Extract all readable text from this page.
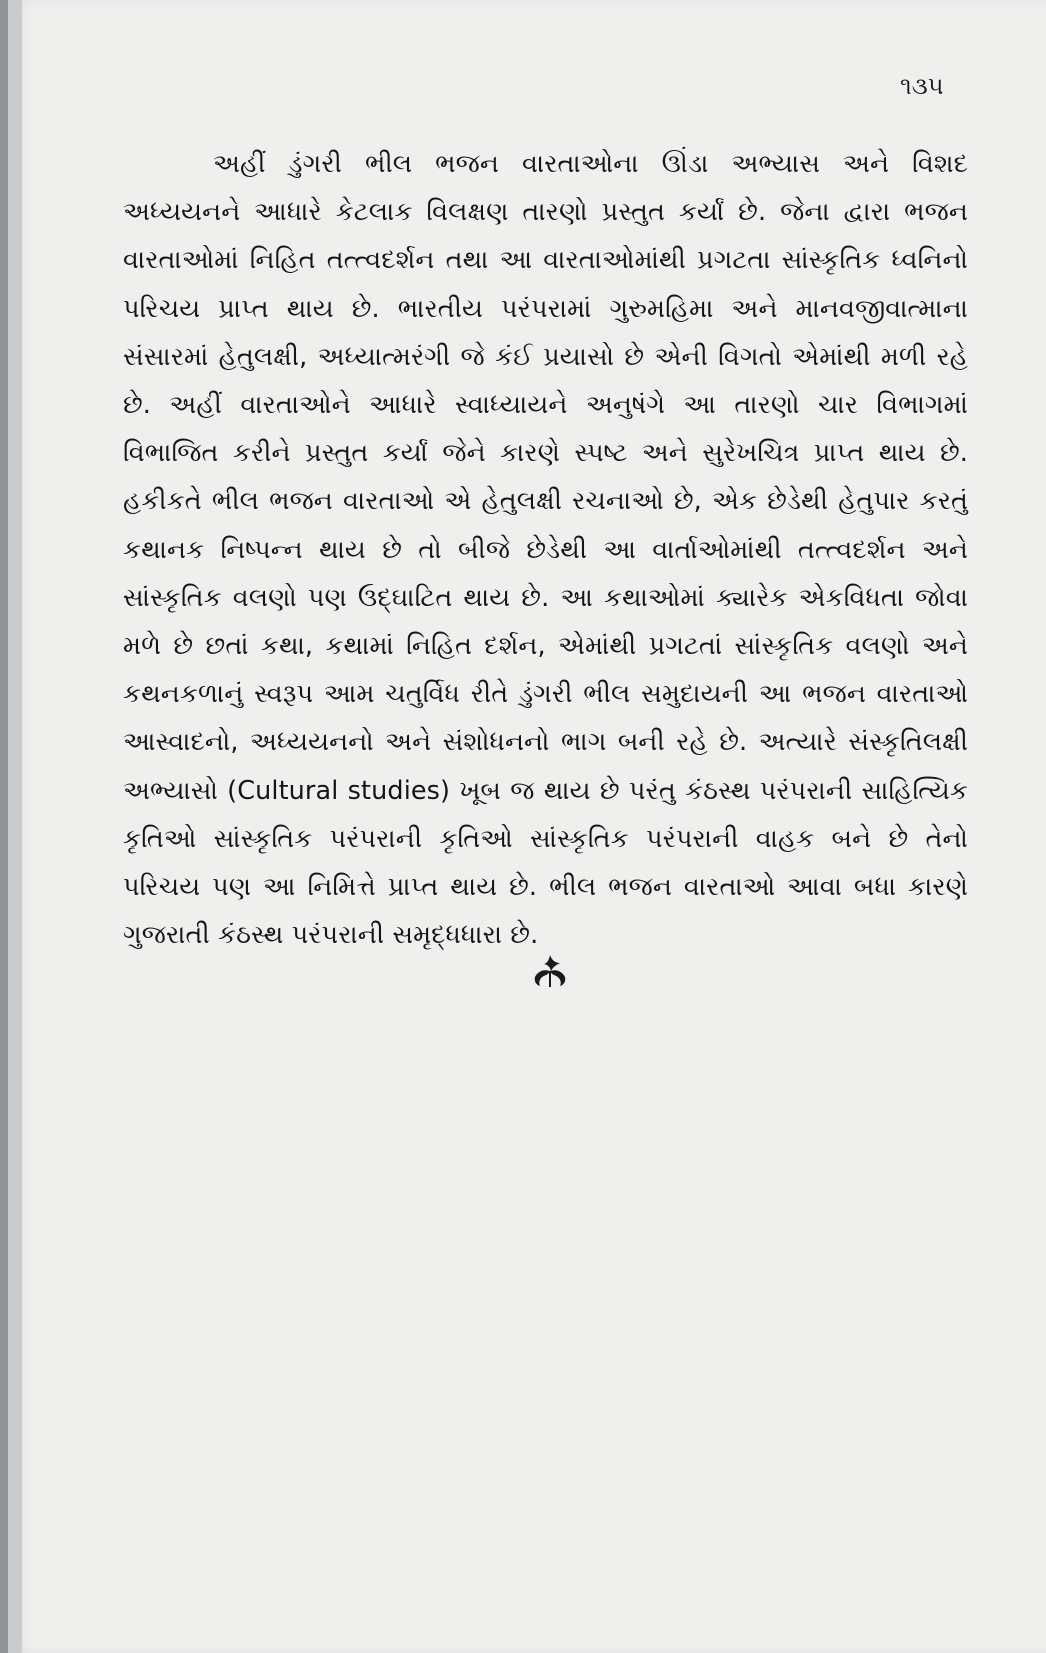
૧૩૫

અહીં ડુંગરી ભીલ ભજન વારતાઓના ઊંડા અભ્યાસ અને વિશદ અધ્યયનને આધારે કેટલાક વિલક્ષણ તારણો પ્રસ્તુત કર્યાં છે. જેના દ્વારા ભજન વારતાઓમાં નિહિત તત્ત્વદર્શન તથા આ વારતાઓમાંથી પ્રગટતા સાંસ્કૃતિક ધ્વનિનો પરિચય પ્રાપ્ત થાય છે. ભારતીય પરંપરામાં ગુરુમહિમા અને માનવજીવાત્માના સંસારમાં હેતુલક્ષી, અધ્યાત્મરંગી જે કંઈ પ્રયાસો છે એની વિગતો એમાંથી મળી રહે છે. અહીં વારતાઓને આધારે સ્વાધ્યાયને અનુષંગે આ તારણો ચાર વિભાગમાં વિભાજિત કરીને પ્રસ્તુત કર્યાં જેને કારણે સ્પષ્ટ અને સુરેખચિત્ર પ્રાપ્ત થાય છે. હકીકતે ભીલ ભજન વારતાઓ એ હેતુલક્ષી રચનાઓ છે, એક છેડેથી હેતુપાર કરતું કથાનક નિષ્પન્ન થાય છે તો બીજે છેડેથી આ વાર્તાઓમાંથી તત્ત્વદર્શન અને સાંસ્કૃતિક વલણો પણ ઉદ્ઘાટિત થાય છે. આ કથાઓમાં ક્યારેક એકવિધતા જોવા મળે છે છતાં કથા, કથામાં નિહિત દર્શન, એમાંથી પ્રગટતાં સાંસ્કૃતિક વલણો અને કથનકળાનું સ્વરૂપ આમ ચતુર્વિધ રીતે ડુંગરી ભીલ સમુદાયની આ ભજન વારતાઓ આસ્વાદનો, અધ્યયનનો અને સંશોધનનો ભાગ બની રહે છે. અત્યારે સંસ્કૃતિલક્ષી અભ્યાસો (Cultural studies) ખૂબ જ થાય છે પરંતુ કંઠસ્થ પરંપરાની સાહિત્યિક કૃતિઓ સાંસ્કૃતિક પરંપરાની કૃતિઓ સાંસ્કૃતિક પરંપરાની વાહક બને છે તેનો પરિચય પણ આ નિમિત્તે પ્રાપ્ત થાય છે. ભીલ ભજન વારતાઓ આવા બધા કારણે ગુજરાતી કંઠસ્થ પરંપરાની સમૃદ્ધધારા છે.
